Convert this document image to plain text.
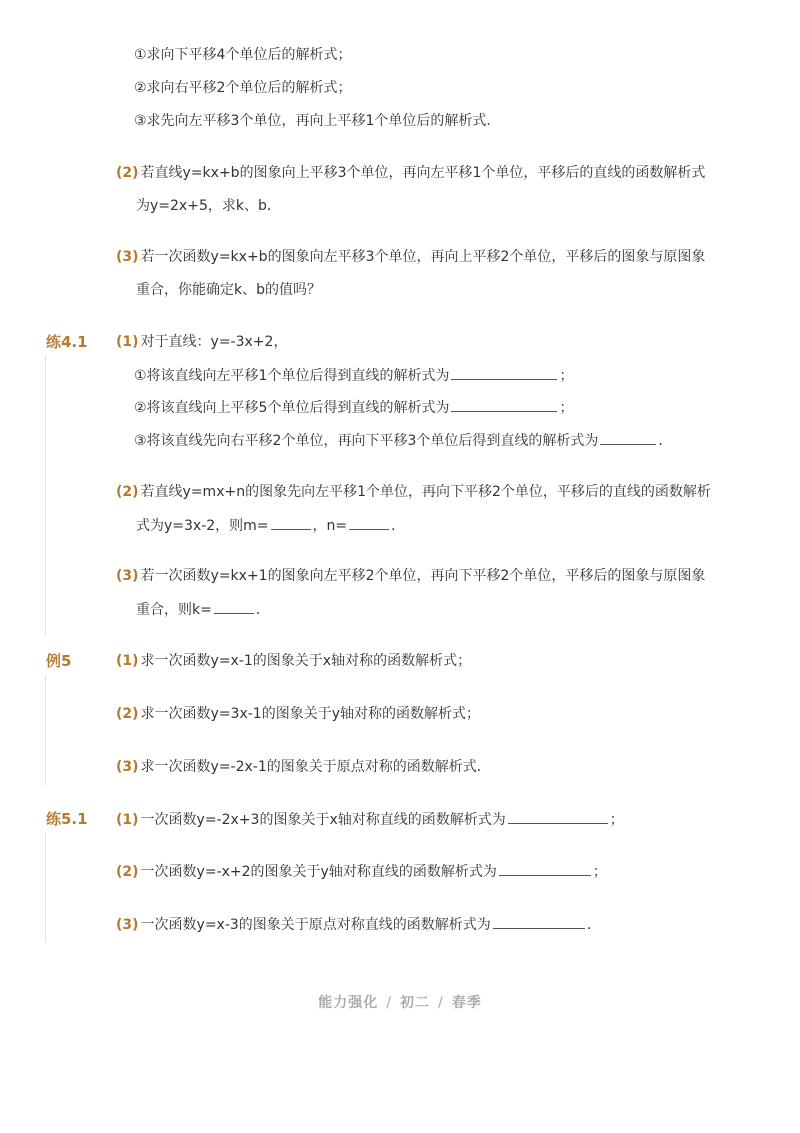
①求向下平移4个单位后的解析式；
②求向右平移2个单位后的解析式；
③求先向左平移3个单位，再向上平移1个单位后的解析式．
(2) 若直线y=kx+b的图象向上平移3个单位，再向左平移1个单位，平移后的直线的函数解析式
为y=2x+5，求k、b．
(3) 若一次函数y=kx+b的图象向左平移3个单位，再向上平移2个单位，平移后的图象与原图象
重合，你能确定k、b的值吗？
练4.1 (1) 对于直线：y=-3x+2，
①将该直线向左平移1个单位后得到直线的解析式为	；
②将该直线向上平移5个单位后得到直线的解析式为	；
③将该直线先向右平移2个单位，再向下平移3个单位后得到直线的解析式为	．
(2) 若直线y=mx+n的图象先向左平移1个单位，再向下平移2个单位，平移后的直线的函数解析
式为y=3x-2，则m=	，n=	．
(3) 若一次函数y=kx+1的图象向左平移2个单位，再向下平移2个单位，平移后的图象与原图象
重合，则k=	．
例5	(1) 求一次函数y=x-1的图象关于x轴对称的函数解析式；
(2) 求一次函数y=3x-1的图象关于y轴对称的函数解析式；
(3) 求一次函数y=-2x-1的图象关于原点对称的函数解析式．
练5.1 (1) 一次函数y=-2x+3的图象关于x轴对称直线的函数解析式为	；
(2) 一次函数y=-x+2的图象关于y轴对称直线的函数解析式为	；
(3) 一次函数y=x-3的图象关于原点对称直线的函数解析式为	．
能力强化 / 初二 / 春季
